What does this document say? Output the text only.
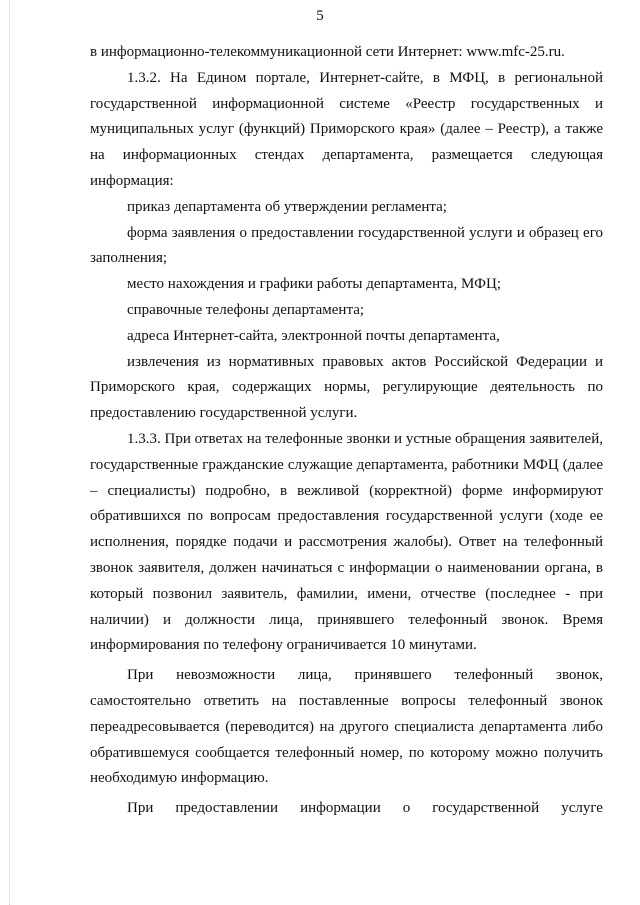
5

в информационно-телекоммуникационной сети Интернет: www.mfc-25.ru.

1.3.2. На Едином портале, Интернет-сайте, в МФЦ, в региональной государственной информационной системе «Реестр государственных и муниципальных услуг (функций) Приморского края» (далее – Реестр), а также на информационных стендах департамента, размещается следующая информация:

приказ департамента об утверждении регламента;

форма заявления о предоставлении государственной услуги и образец его заполнения;

место нахождения и графики работы департамента, МФЦ;

справочные телефоны департамента;

адреса Интернет-сайта, электронной почты департамента,

извлечения из нормативных правовых актов Российской Федерации и Приморского края, содержащих нормы, регулирующие деятельность по предоставлению государственной услуги.

1.3.3. При ответах на телефонные звонки и устные обращения заявителей, государственные гражданские служащие департамента, работники МФЦ (далее – специалисты) подробно, в вежливой (корректной) форме информируют обратившихся по вопросам предоставления государственной услуги (ходе ее исполнения, порядке подачи и рассмотрения жалобы). Ответ на телефонный звонок заявителя, должен начинаться с информации о наименовании органа, в который позвонил заявитель, фамилии, имени, отчестве (последнее - при наличии) и должности лица, принявшего телефонный звонок. Время информирования по телефону ограничивается 10 минутами.

При невозможности лица, принявшего телефонный звонок, самостоятельно ответить на поставленные вопросы телефонный звонок переадресовывается (переводится) на другого специалиста департамента либо обратившемуся сообщается телефонный номер, по которому можно получить необходимую информацию.

При предоставлении информации о государственной услуге
